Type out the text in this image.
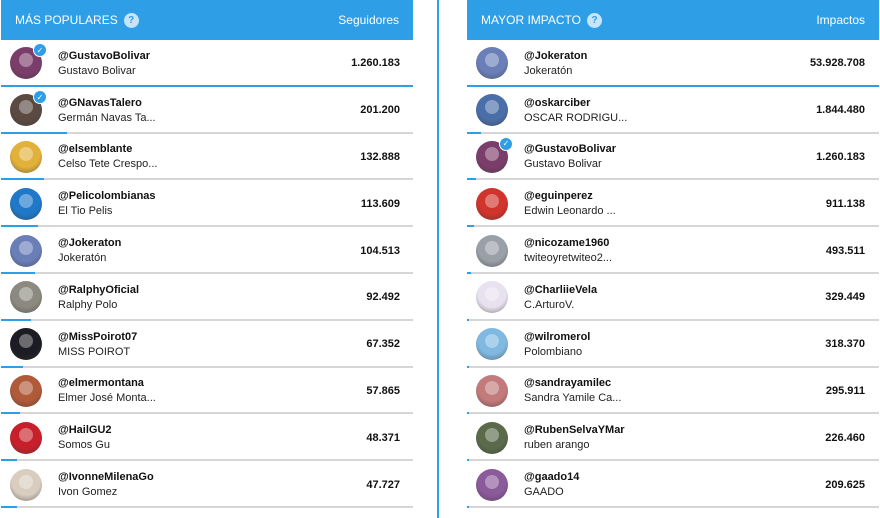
MÁS POPULARES	?	Seguidores
✓	@GustavoBolivar
Gustavo Bolivar
1.260.183
✓	@GNavasTalero
Germán Navas Ta...
201.200
@elsemblante
Celso Tete Crespo...
132.888
@Pelicolombianas
El Tio Pelis
113.609
@Jokeraton
Jokeratón
104.513
@RalphyOficial
Ralphy Polo
92.492
@MissPoirot07
MISS POIROT
67.352
@elmermontana
Elmer José Monta...
57.865
@HailGU2
Somos Gu
48.371
@IvonneMilenaGo
Ivon Gomez
47.727
MAYOR IMPACTO	?	Impactos
@Jokeraton
Jokeratón
53.928.708
@oskarciber
OSCAR RODRIGU...
1.844.480
✓	@GustavoBolivar
Gustavo Bolivar
1.260.183
@eguinperez
Edwin Leonardo ...
911.138
@nicozame1960
twiteoyretwiteo2...
493.511
@CharliieVela
C.ArturoV.
329.449
@wilromerol
Polombiano
318.370
@sandrayamilec
Sandra Yamile Ca...
295.911
@RubenSelvaYMar
ruben arango
226.460
@gaado14
GAADO
209.625
